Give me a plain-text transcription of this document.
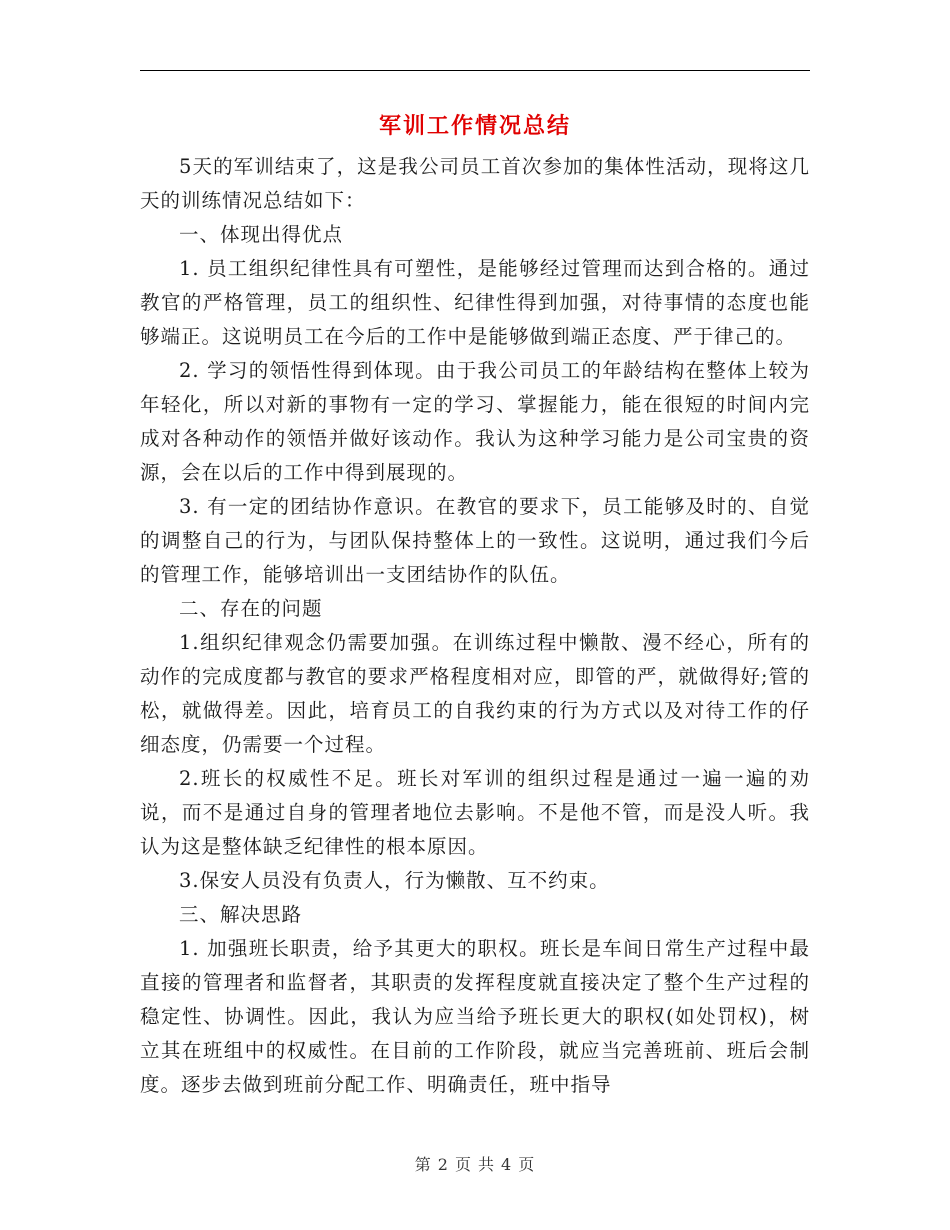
军训工作情况总结

5天的军训结束了，这是我公司员工首次参加的集体性活动，现将这几天的训练情况总结如下：

一、体现出得优点

1. 员工组织纪律性具有可塑性，是能够经过管理而达到合格的。通过教官的严格管理，员工的组织性、纪律性得到加强，对待事情的态度也能够端正。这说明员工在今后的工作中是能够做到端正态度、严于律己的。

2. 学习的领悟性得到体现。由于我公司员工的年龄结构在整体上较为年轻化，所以对新的事物有一定的学习、掌握能力，能在很短的时间内完成对各种动作的领悟并做好该动作。我认为这种学习能力是公司宝贵的资源，会在以后的工作中得到展现的。

3. 有一定的团结协作意识。在教官的要求下，员工能够及时的、自觉的调整自己的行为，与团队保持整体上的一致性。这说明，通过我们今后的管理工作，能够培训出一支团结协作的队伍。

二、存在的问题

1.组织纪律观念仍需要加强。在训练过程中懒散、漫不经心，所有的动作的完成度都与教官的要求严格程度相对应，即管的严，就做得好;管的松，就做得差。因此，培育员工的自我约束的行为方式以及对待工作的仔细态度，仍需要一个过程。

2.班长的权威性不足。班长对军训的组织过程是通过一遍一遍的劝说，而不是通过自身的管理者地位去影响。不是他不管，而是没人听。我认为这是整体缺乏纪律性的根本原因。

3.保安人员没有负责人，行为懒散、互不约束。

三、解决思路

1. 加强班长职责，给予其更大的职权。班长是车间日常生产过程中最直接的管理者和监督者，其职责的发挥程度就直接决定了整个生产过程的稳定性、协调性。因此，我认为应当给予班长更大的职权(如处罚权)，树立其在班组中的权威性。在目前的工作阶段，就应当完善班前、班后会制度。逐步去做到班前分配工作、明确责任，班中指导

第 2 页 共 4 页
